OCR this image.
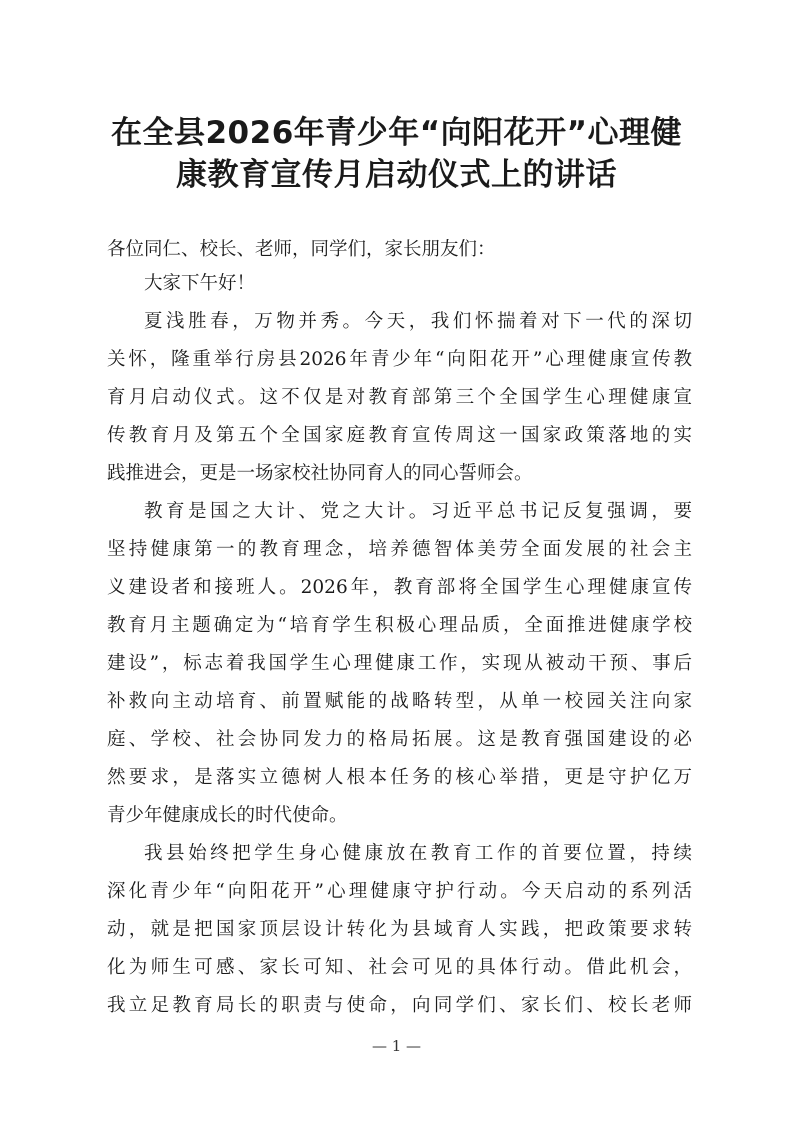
在全县2026年青少年“向阳花开”心理健
康教育宣传月启动仪式上的讲话
各位同仁、校长、老师，同学们，家长朋友们：
大家下午好！
夏浅胜春，万物并秀。今天，我们怀揣着对下一代的深切
关怀，隆重举行房县2026年青少年“向阳花开”心理健康宣传教
育月启动仪式。这不仅是对教育部第三个全国学生心理健康宣
传教育月及第五个全国家庭教育宣传周这一国家政策落地的实
践推进会，更是一场家校社协同育人的同心誓师会。
教育是国之大计、党之大计。习近平总书记反复强调，要
坚持健康第一的教育理念，培养德智体美劳全面发展的社会主
义建设者和接班人。2026年，教育部将全国学生心理健康宣传
教育月主题确定为“培育学生积极心理品质，全面推进健康学校
建设”，标志着我国学生心理健康工作，实现从被动干预、事后
补救向主动培育、前置赋能的战略转型，从单一校园关注向家
庭、学校、社会协同发力的格局拓展。这是教育强国建设的必
然要求，是落实立德树人根本任务的核心举措，更是守护亿万
青少年健康成长的时代使命。
我县始终把学生身心健康放在教育工作的首要位置，持续
深化青少年“向阳花开”心理健康守护行动。今天启动的系列活
动，就是把国家顶层设计转化为县域育人实践，把政策要求转
化为师生可感、家长可知、社会可见的具体行动。借此机会，
我立足教育局长的职责与使命，向同学们、家长们、校长老师
— 1 —
